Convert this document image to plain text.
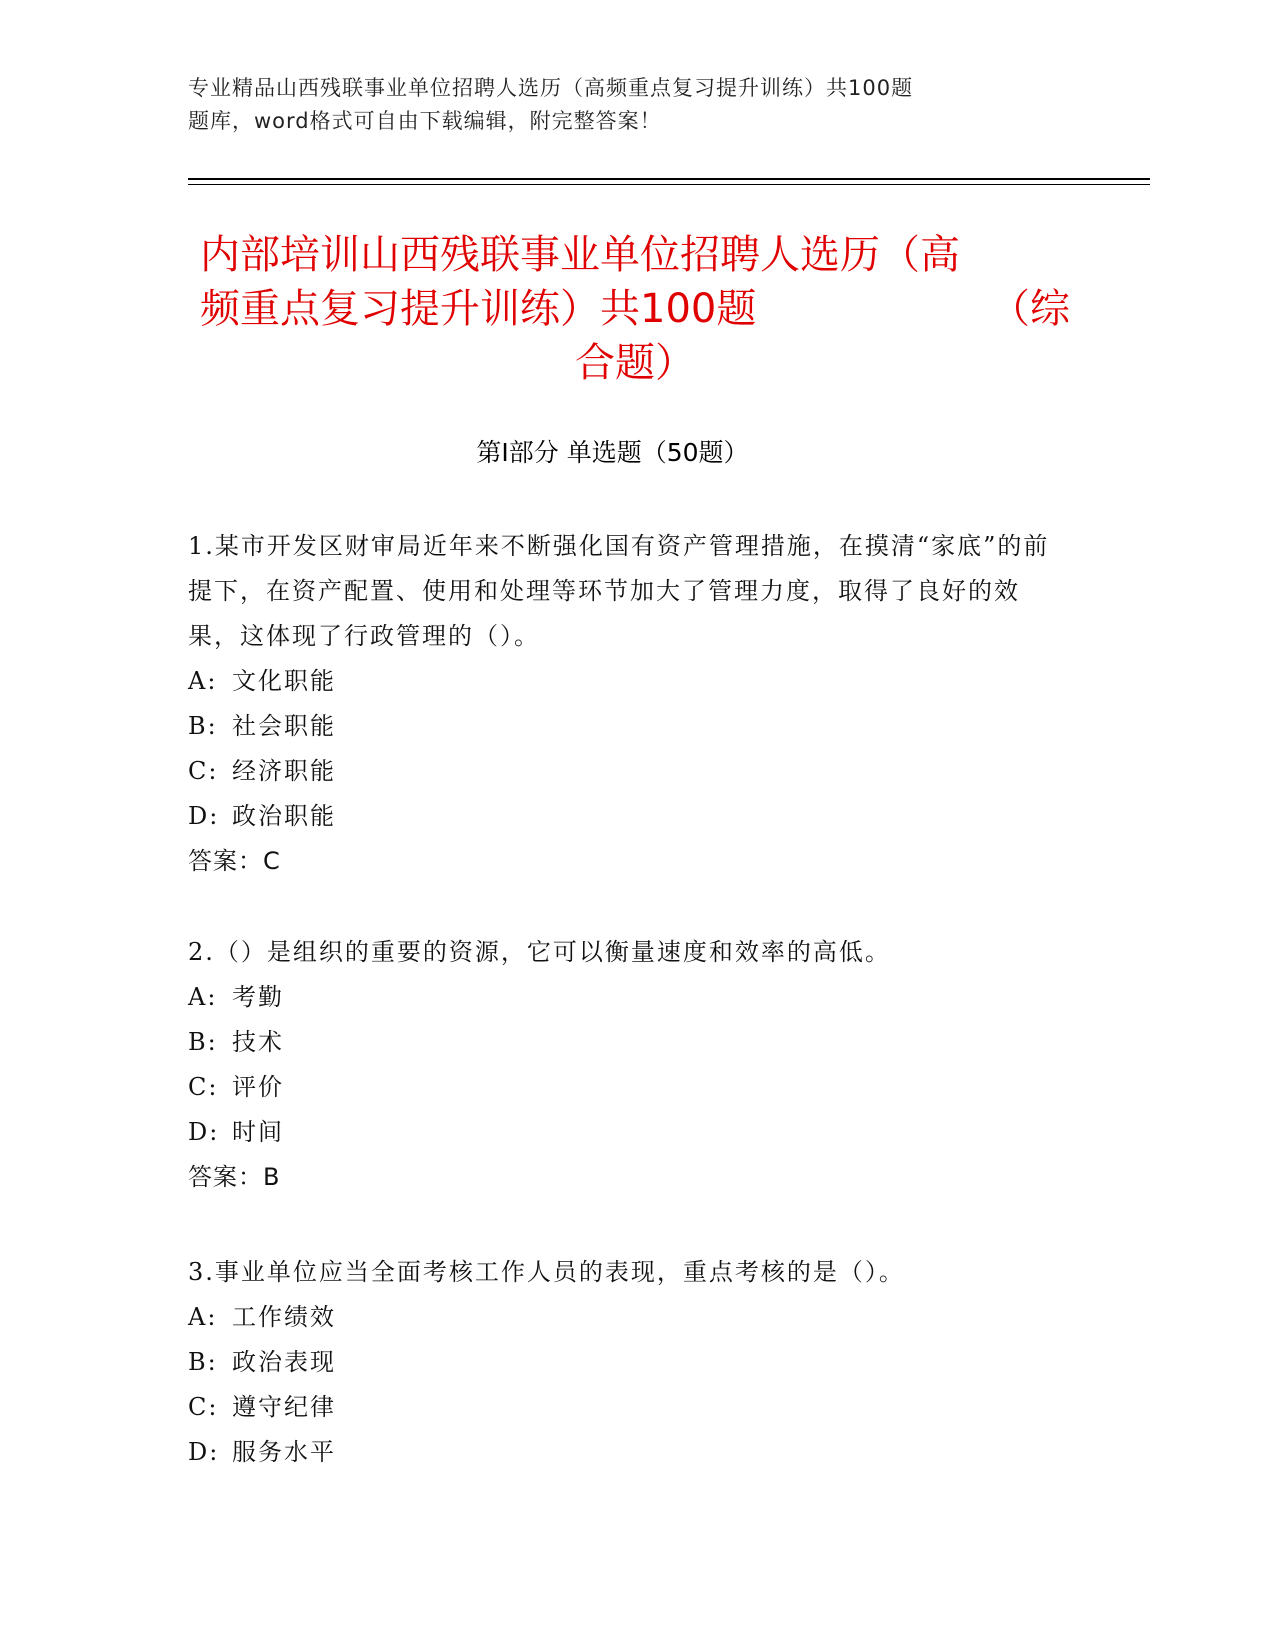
专业精品山西残联事业单位招聘人选历（高频重点复习提升训练）共100题
题库，word格式可自由下载编辑，附完整答案！
内部培训山西残联事业单位招聘人选历（高
频重点复习提升训练）共100题	（综
合题）
第Ⅰ部分 单选题（50题）

1.某市开发区财审局近年来不断强化国有资产管理措施，在摸清“家底”的前提下，在资产配置、使用和处理等环节加大了管理力度，取得了良好的效果，这体现了行政管理的（）。

A: 文化职能
B: 社会职能
C: 经济职能
D: 政治职能
答案：C

2.（）是组织的重要的资源，它可以衡量速度和效率的高低。

A: 考勤
B: 技术
C: 评价
D: 时间
答案：B

3.事业单位应当全面考核工作人员的表现，重点考核的是（）。

A: 工作绩效
B: 政治表现
C: 遵守纪律
D: 服务水平
